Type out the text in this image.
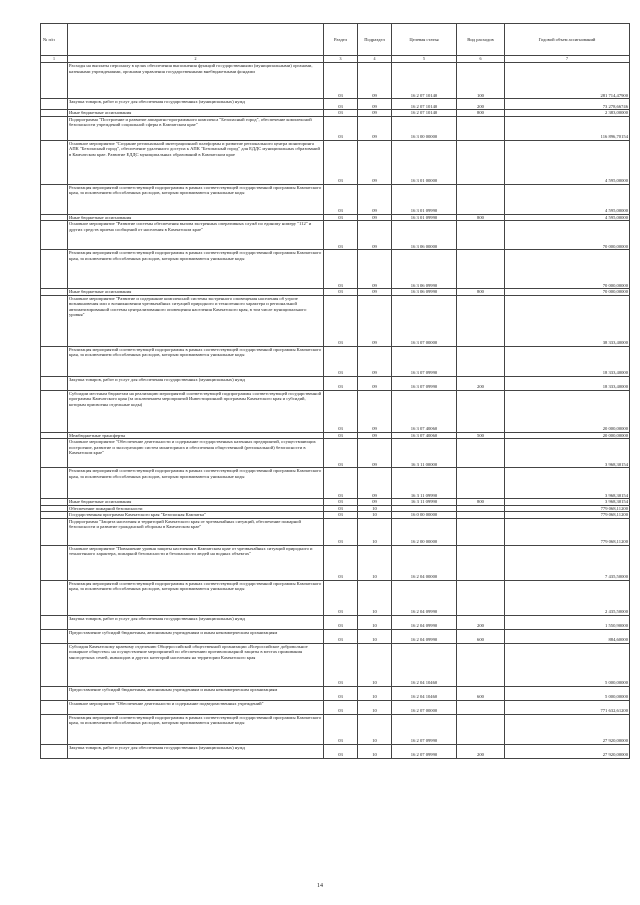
№ п/п		Раздел	Подраздел	Целевая статья	Вид расходов	Годовой объем ассигнований
1	2	3	4	5	6	7
	Расходы на выплаты персоналу в целях обеспечения выполнения функций государственными (муниципальными) органами, казенными учреждениями, органами управления государственными внебюджетными фондами	03	09	16 2 07 10140	100	281 714,47900
	Закупка товаров, работ и услуг для обеспечения государственных (муниципальных) нужд	03	09	16 2 07 10140	200	73 278,66746
	Иные бюджетные ассигнования	03	09	16 2 07 10140	800	2 383,00000
	Подпрограмма "Построение и развитие аппаратно-программного комплекса "Безопасный город", обеспечение комплексной безопасности учреждений социальной сферы в Камчатском крае"	03	09	16 3 00 00000		116 896,70154
	Основное мероприятие "Создание региональной интеграционной платформы и развитие регионального центра мониторинга АПК "Безопасный город", обеспечение удаленного доступа к АПК "Безопасный город" для ЕДДС муниципальных образований в Камчатском крае. Развитие ЕДДС муниципальных образований в Камчатском крае	03	09	16 3 01 00000		4 595,00000
	Реализация мероприятий соответствующей подпрограммы в рамках соответствующей государственной программы Камчатского края, за исключением обособленных расходов, которым присваиваются уникальные коды	03	09	16 3 01 09990		4 595,00000
	Иные бюджетные ассигнования	03	09	16 3 01 09990	800	4 595,00000
	Основное мероприятие "Развитие системы обеспечения вызова экстренных оперативных служб по единому номеру "112" и других средств приема сообщений от населения в Камчатском крае"	03	09	16 3 06 00000		70 000,00000
	Реализация мероприятий соответствующей подпрограммы в рамках соответствующей государственной программы Камчатского края, за исключением обособленных расходов, которым присваиваются уникальные коды	03	09	16 3 06 09990		70 000,00000
	Иные бюджетные ассигнования	03	09	16 3 06 09990	800	70 000,00000
	Основное мероприятие "Развитие и содержание комплексной системы экстренного оповещения населения об угрозе возникновения или о возникновении чрезвычайных ситуаций природного и техногенного характера и региональной автоматизированной системы централизованного оповещения населения Камчатского края, в том числе муниципального уровня"	03	09	16 3 07 00000		38 333,40000
	Реализация мероприятий соответствующей подпрограммы в рамках соответствующей государственной программы Камчатского края, за исключением обособленных расходов, которым присваиваются уникальные коды	03	09	16 3 07 09990		18 333,40000
	Закупка товаров, работ и услуг для обеспечения государственных (муниципальных) нужд	03	09	16 3 07 09990	200	18 333,40000
	Субсидии местным бюджетам на реализацию мероприятий соответствующей подпрограммы соответствующей государственной программы Камчатского края (за исключением мероприятий Инвестиционной программы Камчатского края и субсидий, которым присвоены отдельные коды)	03	09	16 3 07 40060		20 000,00000
	Межбюджетные трансферты	03	09	16 3 07 40060	500	20 000,00000
	Основное мероприятие "Обеспечение деятельности и содержание государственных казенных предприятий, осуществляющих построение, развитие и эксплуатацию систем мониторинга и обеспечения общественной (региональной) безопасности в Камчатском крае"	03	09	16 3 11 00000		3 968,30154
	Реализация мероприятий соответствующей подпрограммы в рамках соответствующей государственной программы Камчатского края, за исключением обособленных расходов, которым присваиваются уникальные коды	03	09	16 3 11 09990		3 968,30154
	Иные бюджетные ассигнования	03	09	16 3 11 09990	800	3 968,30154
	Обеспечение пожарной безопасности	03	10			779 068,11200
	Государственная программа Камчатского края "Безопасная Камчатка"	03	10	16 0 00 00000		779 068,11200
	Подпрограмма "Защита населения и территорий Камчатского края от чрезвычайных ситуаций, обеспечение пожарной безопасности и развитие гражданской обороны в Камчатском крае"	03	10	16 2 00 00000		779 068,11200
	Основное мероприятие "Повышение уровня защиты населения в Камчатском крае от чрезвычайных ситуаций природного и техногенного характера, пожарной безопасности и безопасности людей на водных объектах"	03	10	16 2 04 00000		7 435,50000
	Реализация мероприятий соответствующей подпрограммы в рамках соответствующей государственной программы Камчатского края, за исключением обособленных расходов, которым присваиваются уникальные коды	03	10	16 2 04 09990		2 435,50000
	Закупка товаров, работ и услуг для обеспечения государственных (муниципальных) нужд	03	10	16 2 04 09990	200	1 550,90000
	Предоставление субсидий бюджетным, автономным учреждениям и иным некоммерческим организациям	03	10	16 2 04 09990	600	884,60000
	Субсидия Камчатскому краевому отделению Общероссийской общественной организации «Всероссийское добровольное пожарное общество» на осуществление мероприятий по обеспечению противопожарной защиты в местах проживания многодетных семей, инвалидов и других категорий населения на территории Камчатского края	03	10	16 2 04 10460		5 000,00000
	Предоставление субсидий бюджетным, автономным учреждениям и иным некоммерческим организациям	03	10	16 2 04 10460	600	5 000,00000
	Основное мероприятие "Обеспечение деятельности и содержание подведомственных учреждений"	03	10	16 2 07 00000		771 632,61200
	Реализация мероприятий соответствующей подпрограммы в рамках соответствующей государственной программы Камчатского края, за исключением обособленных расходов, которым присваиваются уникальные коды	03	10	16 2 07 09990		27 920,00000
	Закупка товаров, работ и услуг для обеспечения государственных (муниципальных) нужд	03	10	16 2 07 09990	200	27 920,00000
14
